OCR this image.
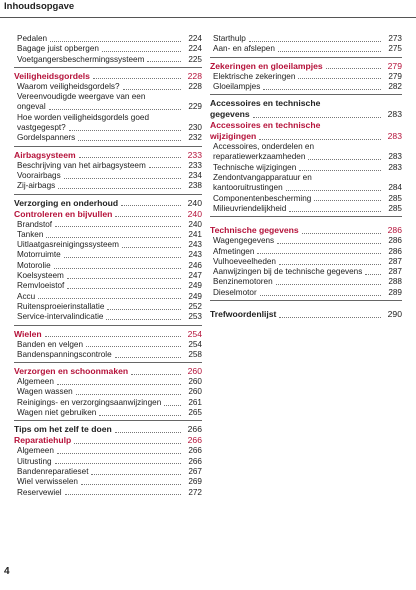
Inhoudsopgave
Pedalen	224
Bagage juist opbergen	224
Voetgangersbeschermingssysteem	225
Veiligheidsgordels	228
Waarom veiligheidsgordels?	228
Vereenvoudigde weergave van een
ongeval	229
Hoe worden veiligheidsgordels goed
vastgegespt?	230
Gordelspanners	232
Airbagsysteem	233
Beschrijving van het airbagsysteem	233
Voorairbags	234
Zij-airbags	238
Verzorging en onderhoud	240
Controleren en bijvullen	240
Brandstof	240
Tanken	241
Uitlaatgasreinigingssysteem	243
Motorruimte	243
Motorolie	246
Koelsysteem	247
Remvloeistof	249
Accu	249
Ruitensproeierinstallatie	252
Service-intervalindicatie	253
Wielen	254
Banden en velgen	254
Bandenspanningscontrole	258
Verzorgen en schoonmaken	260
Algemeen	260
Wagen wassen	260
Reinigings- en verzorgingsaanwijzingen	261
Wagen niet gebruiken	265
Tips om het zelf te doen	266
Reparatiehulp	266
Algemeen	266
Uitrusting	266
Bandenreparatieset	267
Wiel verwisselen	269
Reservewiel	272
Starthulp	273
Aan- en afslepen	275
Zekeringen en gloeilampjes	279
Elektrische zekeringen	279
Gloeilampjes	282
Accessoires en technische
gegevens	283
Accessoires en technische
wijzigingen	283
Accessoires, onderdelen en
reparatiewerkzaamheden	283
Technische wijzigingen	283
Zendontvangapparatuur en
kantooruitrustingen	284
Componentenbescherming	285
Milieuvriendelijkheid	285
Technische gegevens	286
Wagengegevens	286
Afmetingen	286
Vulhoeveelheden	287
Aanwijzingen bij de technische gegevens	287
Benzinemotoren	288
Dieselmotor	289
Trefwoordenlijst	290
4
